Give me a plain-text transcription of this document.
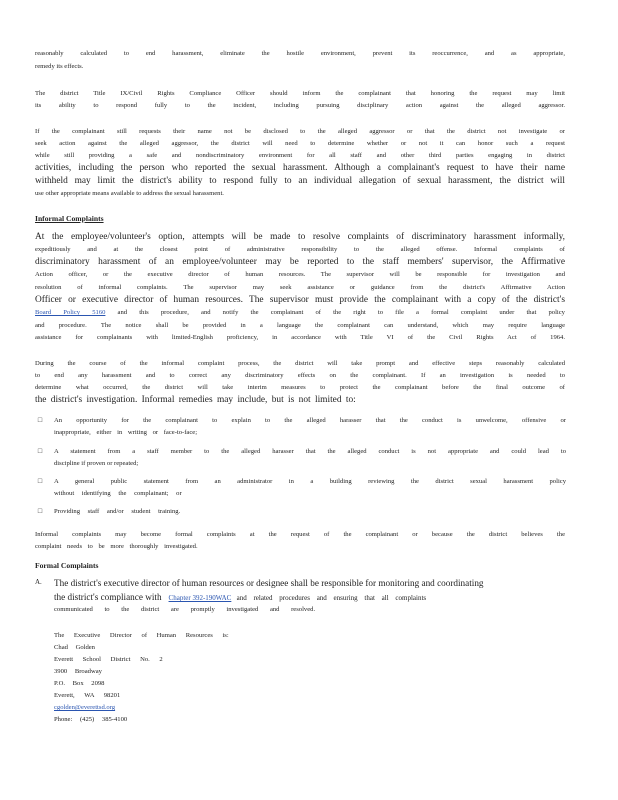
reasonably calculated to end harassment, eliminate the hostile environment, prevent its reoccurrence, and as appropriate,
remedy its effects.
The district Title IX/Civil Rights Compliance Officer should inform the complainant that honoring the request may limit
its ability to respond fully to the incident, including pursuing disciplinary action against the alleged aggressor.
If the complainant still requests their name not be disclosed to the alleged aggressor or that the district not investigate or
seek action against the alleged aggressor, the district will need to determine whether or not it can honor such a request
while still providing a safe and nondiscriminatory environment for all staff and other third parties engaging in district
activities, including the person who reported the sexual harassment. Although a complainant's request to have their name
withheld may limit the district's ability to respond fully to an individual allegation of sexual harassment, the district will
use other appropriate means available to address the sexual harassment.
Informal Complaints
At the employee/volunteer's option, attempts will be made to resolve complaints of discriminatory harassment informally,
expeditiously and at the closest point of administrative responsibility to the alleged offense. Informal complaints of
discriminatory harassment of an employee/volunteer may be reported to the staff members' supervisor, the Affirmative
Action officer, or the executive director of human resources. The supervisor will be responsible for investigation and
resolution of informal complaints. The supervisor may seek assistance or guidance from the district's Affirmative Action
Officer or executive director of human resources. The supervisor must provide the complainant with a copy of the district's
Board Policy 5160 and this procedure, and notify the complainant of the right to file a formal complaint under that policy
and procedure. The notice shall be provided in a language the complainant can understand, which may require language
assistance for complainants with limited-English proficiency, in accordance with Title VI of the Civil Rights Act of 1964.
During the course of the informal complaint process, the district will take prompt and effective steps reasonably calculated
to end any harassment and to correct any discriminatory effects on the complainant. If an investigation is needed to
determine what occurred, the district will take interim measures to protect the complainant before the final outcome of
the district's investigation. Informal remedies may include, but is not limited to:
□	An opportunity for the complainant to explain to the alleged harasser that the conduct is unwelcome, offensive or
inappropriate, either in writing or face-to-face;
□	A statement from a staff member to the alleged harasser that the alleged conduct is not appropriate and could lead to
discipline if proven or repeated;
□	A general public statement from an administrator in a building reviewing the district sexual harassment policy
without identifying the complainant; or
□	Providing staff and/or student training.
Informal complaints may become formal complaints at the request of the complainant or because the district believes the
complaint needs to be more thoroughly investigated.
Formal Complaints
A. The district's executive director of human resources or designee shall be responsible for monitoring and coordinating
the district's compliance with Chapter 392-190WAC and related procedures and ensuring that all complaints
communicated to the district are promptly investigated and resolved.
The Executive Director of Human Resources is:
Chad Golden
Everett School District No. 2
3900 Broadway
P.O. Box 2098
Everett, WA 98201
cgolden@everettsd.org
Phone: (425) 385-4100
